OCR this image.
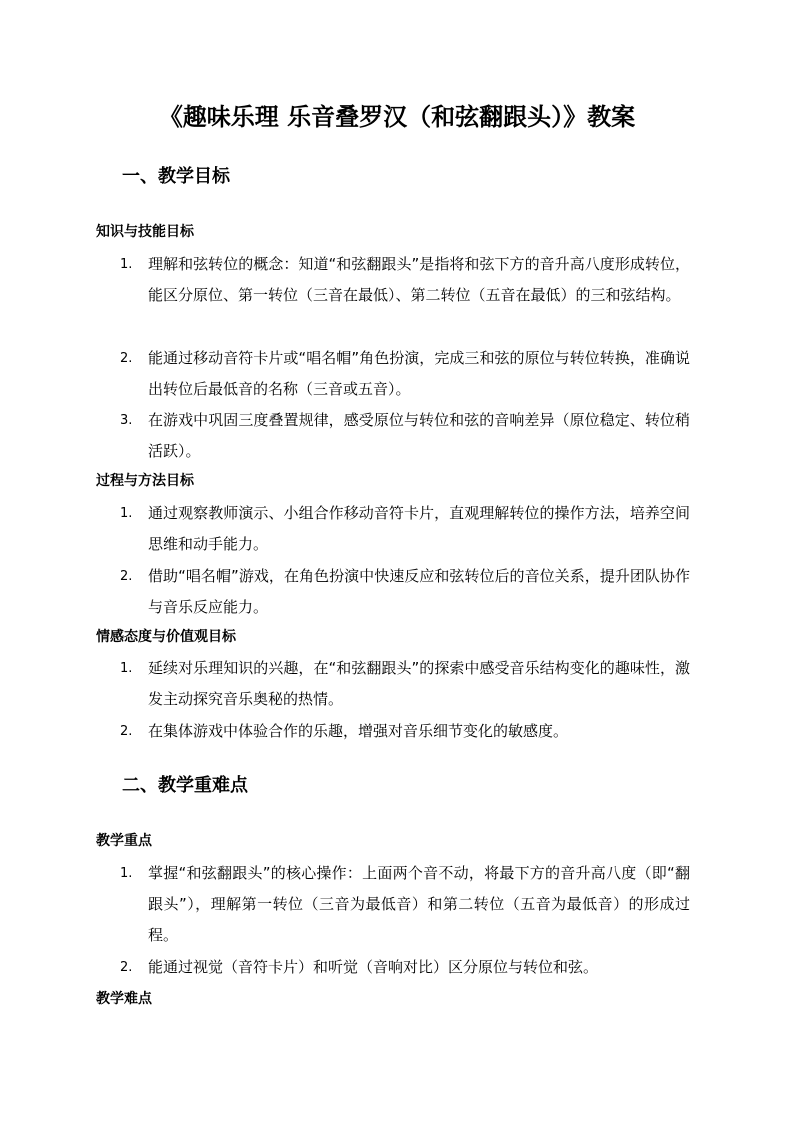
《趣味乐理 乐音叠罗汉（和弦翻跟头）》教案
一、教学目标
知识与技能目标
1.	理解和弦转位的概念：知道“和弦翻跟头”是指将和弦下方的音升高八度形成转位，能区分原位、第一转位（三音在最低）、第二转位（五音在最低）的三和弦结构。
2.	能通过移动音符卡片或“唱名帽”角色扮演，完成三和弦的原位与转位转换，准确说出转位后最低音的名称（三音或五音）。
3.	在游戏中巩固三度叠置规律，感受原位与转位和弦的音响差异（原位稳定、转位稍活跃）。
过程与方法目标
1.	通过观察教师演示、小组合作移动音符卡片，直观理解转位的操作方法，培养空间思维和动手能力。
2.	借助“唱名帽”游戏，在角色扮演中快速反应和弦转位后的音位关系，提升团队协作与音乐反应能力。
情感态度与价值观目标
1.	延续对乐理知识的兴趣，在“和弦翻跟头”的探索中感受音乐结构变化的趣味性，激发主动探究音乐奥秘的热情。
2.	在集体游戏中体验合作的乐趣，增强对音乐细节变化的敏感度。
二、教学重难点
教学重点
1.	掌握“和弦翻跟头”的核心操作：上面两个音不动，将最下方的音升高八度（即“翻跟头”），理解第一转位（三音为最低音）和第二转位（五音为最低音）的形成过程。
2.	能通过视觉（音符卡片）和听觉（音响对比）区分原位与转位和弦。
教学难点
